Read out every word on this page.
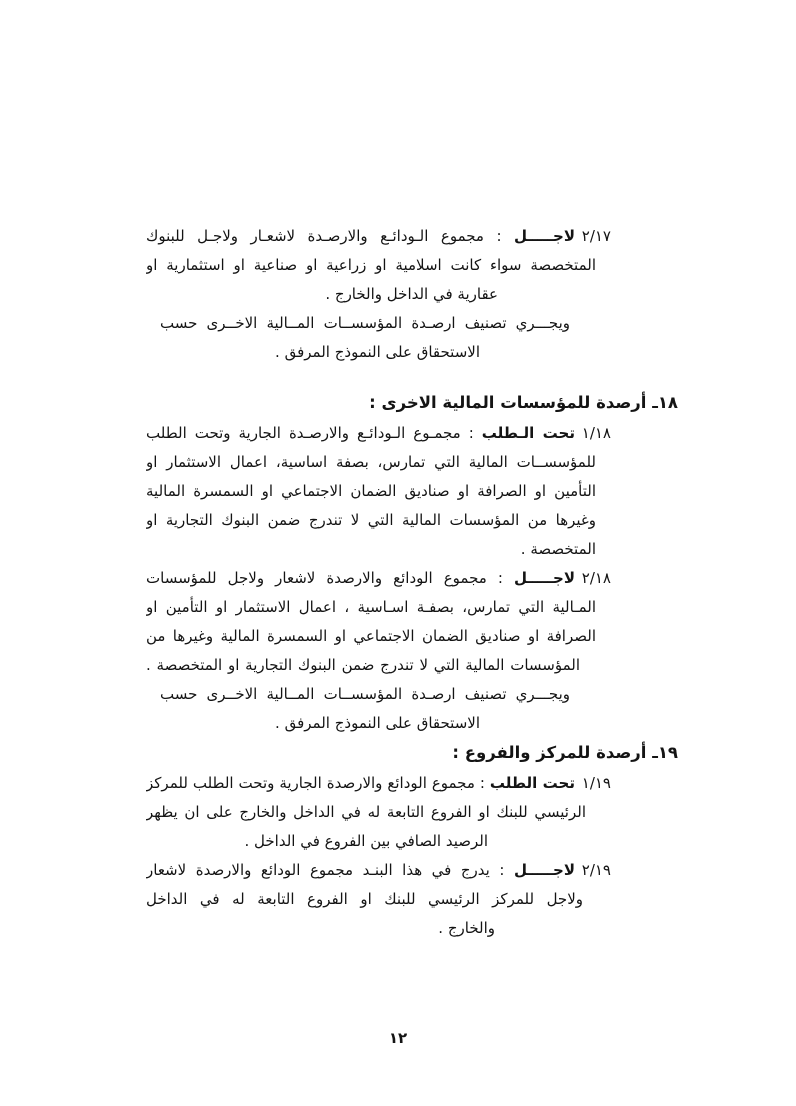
٢/١٧
لاجـــــل : مجموع الـودائـع والارصـدة لاشعـار ولاجـل للبنوك
المتخصصة سواء كانت اسلامية او زراعية او صناعية او استثمارية او
عقارية في الداخل والخارج .
ويجـــري تصنيف ارصـدة المؤسســات المــالية الاخــرى حسب
الاستحقاق على النموذج المرفق .
١٨ـ أرصدة للمؤسسات المالية الاخرى :
١/١٨
تحت الـطلب : مجمـوع الـودائـع والارصـدة الجارية وتحت الطلب
للمؤسســات المالية التي تمارس، بصفة اساسية، اعمال الاستثمار او
التأمين او الصرافة او صناديق الضمان الاجتماعي او السمسرة المالية
وغيرها من المؤسسات المالية التي لا تندرج ضمن البنوك التجارية او
المتخصصة .
٢/١٨
لاجـــــل : مجموع الودائع والارصدة لاشعار ولاجل للمؤسسات
المـالية التي تمارس، بصفـة اسـاسية ، اعمال الاستثمار او التأمين او
الصرافة او صناديق الضمان الاجتماعي او السمسرة المالية وغيرها من
المؤسسات المالية التي لا تندرج ضمن البنوك التجارية او المتخصصة .
ويجـــري تصنيف ارصـدة المؤسســات المــالية الاخــرى حسب
الاستحقاق على النموذج المرفق .
١٩ـ أرصدة للمركز والفروع :
١/١٩
تحت الطلب : مجموع الودائع والارصدة الجارية وتحت الطلب للمركز
الرئيسي للبنك او الفروع التابعة له في الداخل والخارج على ان يظهر
الرصيد الصافي بين الفروع في الداخل .
٢/١٩
لاجـــــل : يدرج في هذا البنـد مجموع الودائع والارصدة لاشعار
ولاجل للمركز الرئيسي للبنك او الفروع التابعة له في الداخل
والخارج .
١٢
